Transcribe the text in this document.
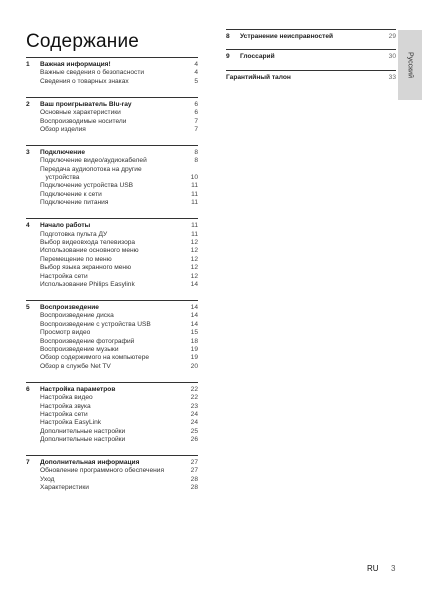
Содержание
1	Важная информация!	4
Важные сведения о безопасности	4
Сведения о товарных знаках	5
2	Ваш проигрыватель Blu-ray	6
Основные характеристики	6
Воспроизводимые носители	7
Обзор изделия	7
3	Подключение	8
Подключение видео/аудиокабелей	8
Передача аудиопотока на другие
устройства	10
Подключение устройства USB	11
Подключение к сети	11
Подключение питания	11
4	Начало работы	11
Подготовка пульта ДУ	11
Выбор видеовхода телевизора	12
Использование основного меню	12
Перемещение по меню	12
Выбор языка экранного меню	12
Настройка сети	12
Использование Philips Easylink	14
5	Воспроизведение	14
Воспроизведение диска	14
Воспроизведение с устройства USB	14
Просмотр видео	15
Воспроизведение фотографий	18
Воспроизведение музыки	19
Обзор содержимого на компьютере	19
Обзор в службе Net TV	20
6	Настройка параметров	22
Настройка видео	22
Настройка звука	23
Настройка сети	24
Настройка EasyLink	24
Дополнительные настройки	25
Дополнительные настройки	26
7	Дополнительная информация	27
Обновление программного обеспечения	27
Уход	28
Характеристики	28
8	Устранение неисправностей	29
9	Глоссарий	30
Гарантийный талон	33 Русский
RU 3
